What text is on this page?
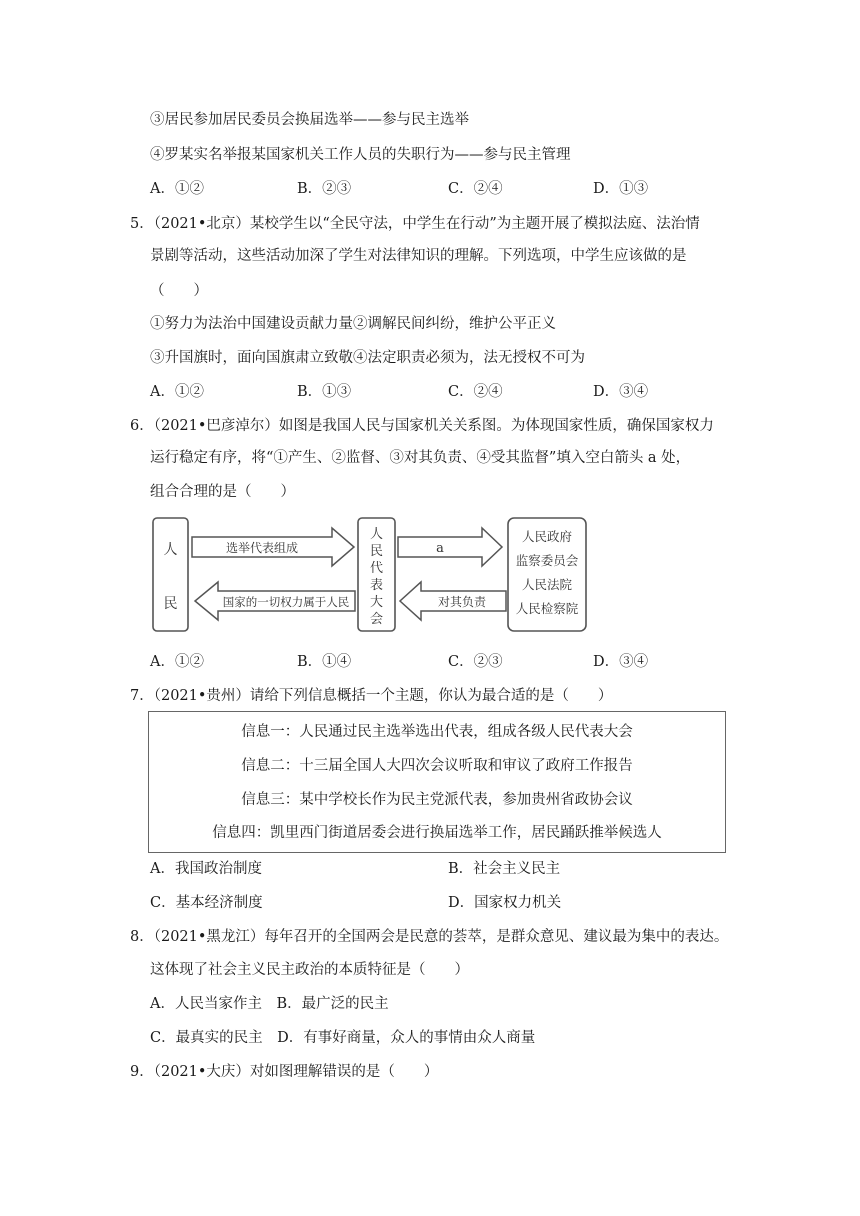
③居民参加居民委员会换届选举——参与民主选举
④罗某实名举报某国家机关工作人员的失职行为——参与民主管理
A．①②	B．②③	C．②④	D．①③
5．（2021•北京）某校学生以“全民守法，中学生在行动”为主题开展了模拟法庭、法治情
景剧等活动，这些活动加深了学生对法律知识的理解。下列选项，中学生应该做的是
（　　）
①努力为法治中国建设贡献力量②调解民间纠纷，维护公平正义
③升国旗时，面向国旗肃立致敬④法定职责必须为，法无授权不可为
A．①②	B．①③	C．②④	D．③④
6．（2021•巴彦淖尔）如图是我国人民与国家机关关系图。为体现国家性质，确保国家权力
运行稳定有序，将“①产生、②监督、③对其负责、④受其监督”填入空白箭头 a 处，
组合合理的是（　　）
人
民
选举代表组成
国家的一切权力属于人民
人
民
代
表
大
会
a
对其负责
人民政府
监察委员会
人民法院
人民检察院
A．①②	B．①④	C．②③	D．③④
7．（2021•贵州）请给下列信息概括一个主题，你认为最合适的是（　　）
信息一：人民通过民主选举选出代表，组成各级人民代表大会
信息二：十三届全国人大四次会议听取和审议了政府工作报告
信息三：某中学校长作为民主党派代表，参加贵州省政协会议
信息四：凯里西门街道居委会进行换届选举工作，居民踊跃推举候选人
A．我国政治制度	B．社会主义民主
C．基本经济制度	D．国家权力机关
8．（2021•黑龙江）每年召开的全国两会是民意的荟萃，是群众意见、建议最为集中的表达。
这体现了社会主义民主政治的本质特征是（　　）
A．人民当家作主　B．最广泛的民主
C．最真实的民主　D．有事好商量，众人的事情由众人商量
9．（2021•大庆）对如图理解错误的是（　　）
